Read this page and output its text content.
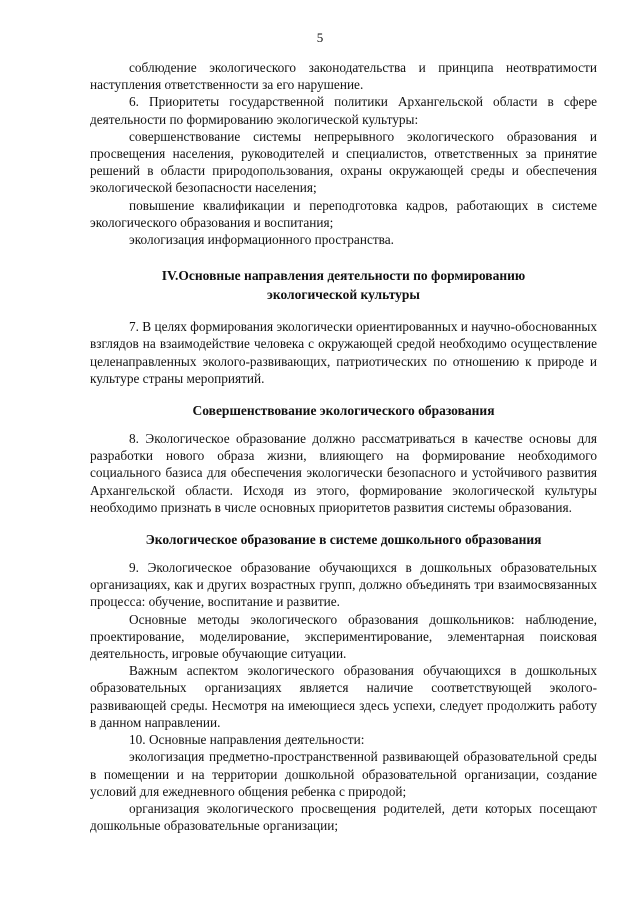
5

соблюдение экологического законодательства и принципа неотвратимости наступления ответственности за его нарушение.

6. Приоритеты государственной политики Архангельской области в сфере деятельности по формированию экологической культуры:

совершенствование системы непрерывного экологического образования и просвещения населения, руководителей и специалистов, ответственных за принятие решений в области природопользования, охраны окружающей среды и обеспечения экологической безопасности населения;

повышение квалификации и переподготовка кадров, работающих в системе экологического образования и воспитания;

экологизация информационного пространства.

IV.Основные направления деятельности по формированию
экологической культуры

7. В целях формирования экологически ориентированных и научно-обоснованных взглядов на взаимодействие человека с окружающей средой необходимо осуществление целенаправленных эколого-развивающих, патриотических по отношению к природе и культуре страны мероприятий.

Совершенствование экологического образования

8. Экологическое образование должно рассматриваться в качестве основы для разработки нового образа жизни, влияющего на формирование необходимого социального базиса для обеспечения экологически безопасного и устойчивого развития Архангельской области. Исходя из этого, формирование экологической культуры необходимо признать в числе основных приоритетов развития системы образования.

Экологическое образование в системе дошкольного образования

9. Экологическое образование обучающихся в дошкольных образовательных организациях, как и других возрастных групп, должно объединять три взаимосвязанных процесса: обучение, воспитание и развитие.

Основные методы экологического образования дошкольников: наблюдение, проектирование, моделирование, экспериментирование, элементарная поисковая деятельность, игровые обучающие ситуации.

Важным аспектом экологического образования обучающихся в дошкольных образовательных организациях является наличие соответствующей эколого-развивающей среды. Несмотря на имеющиеся здесь успехи, следует продолжить работу в данном направлении.

10. Основные направления деятельности:

экологизация предметно-пространственной развивающей образовательной среды в помещении и на территории дошкольной образовательной организации, создание условий для ежедневного общения ребенка с природой;

организация экологического просвещения родителей, дети которых посещают дошкольные образовательные организации;
